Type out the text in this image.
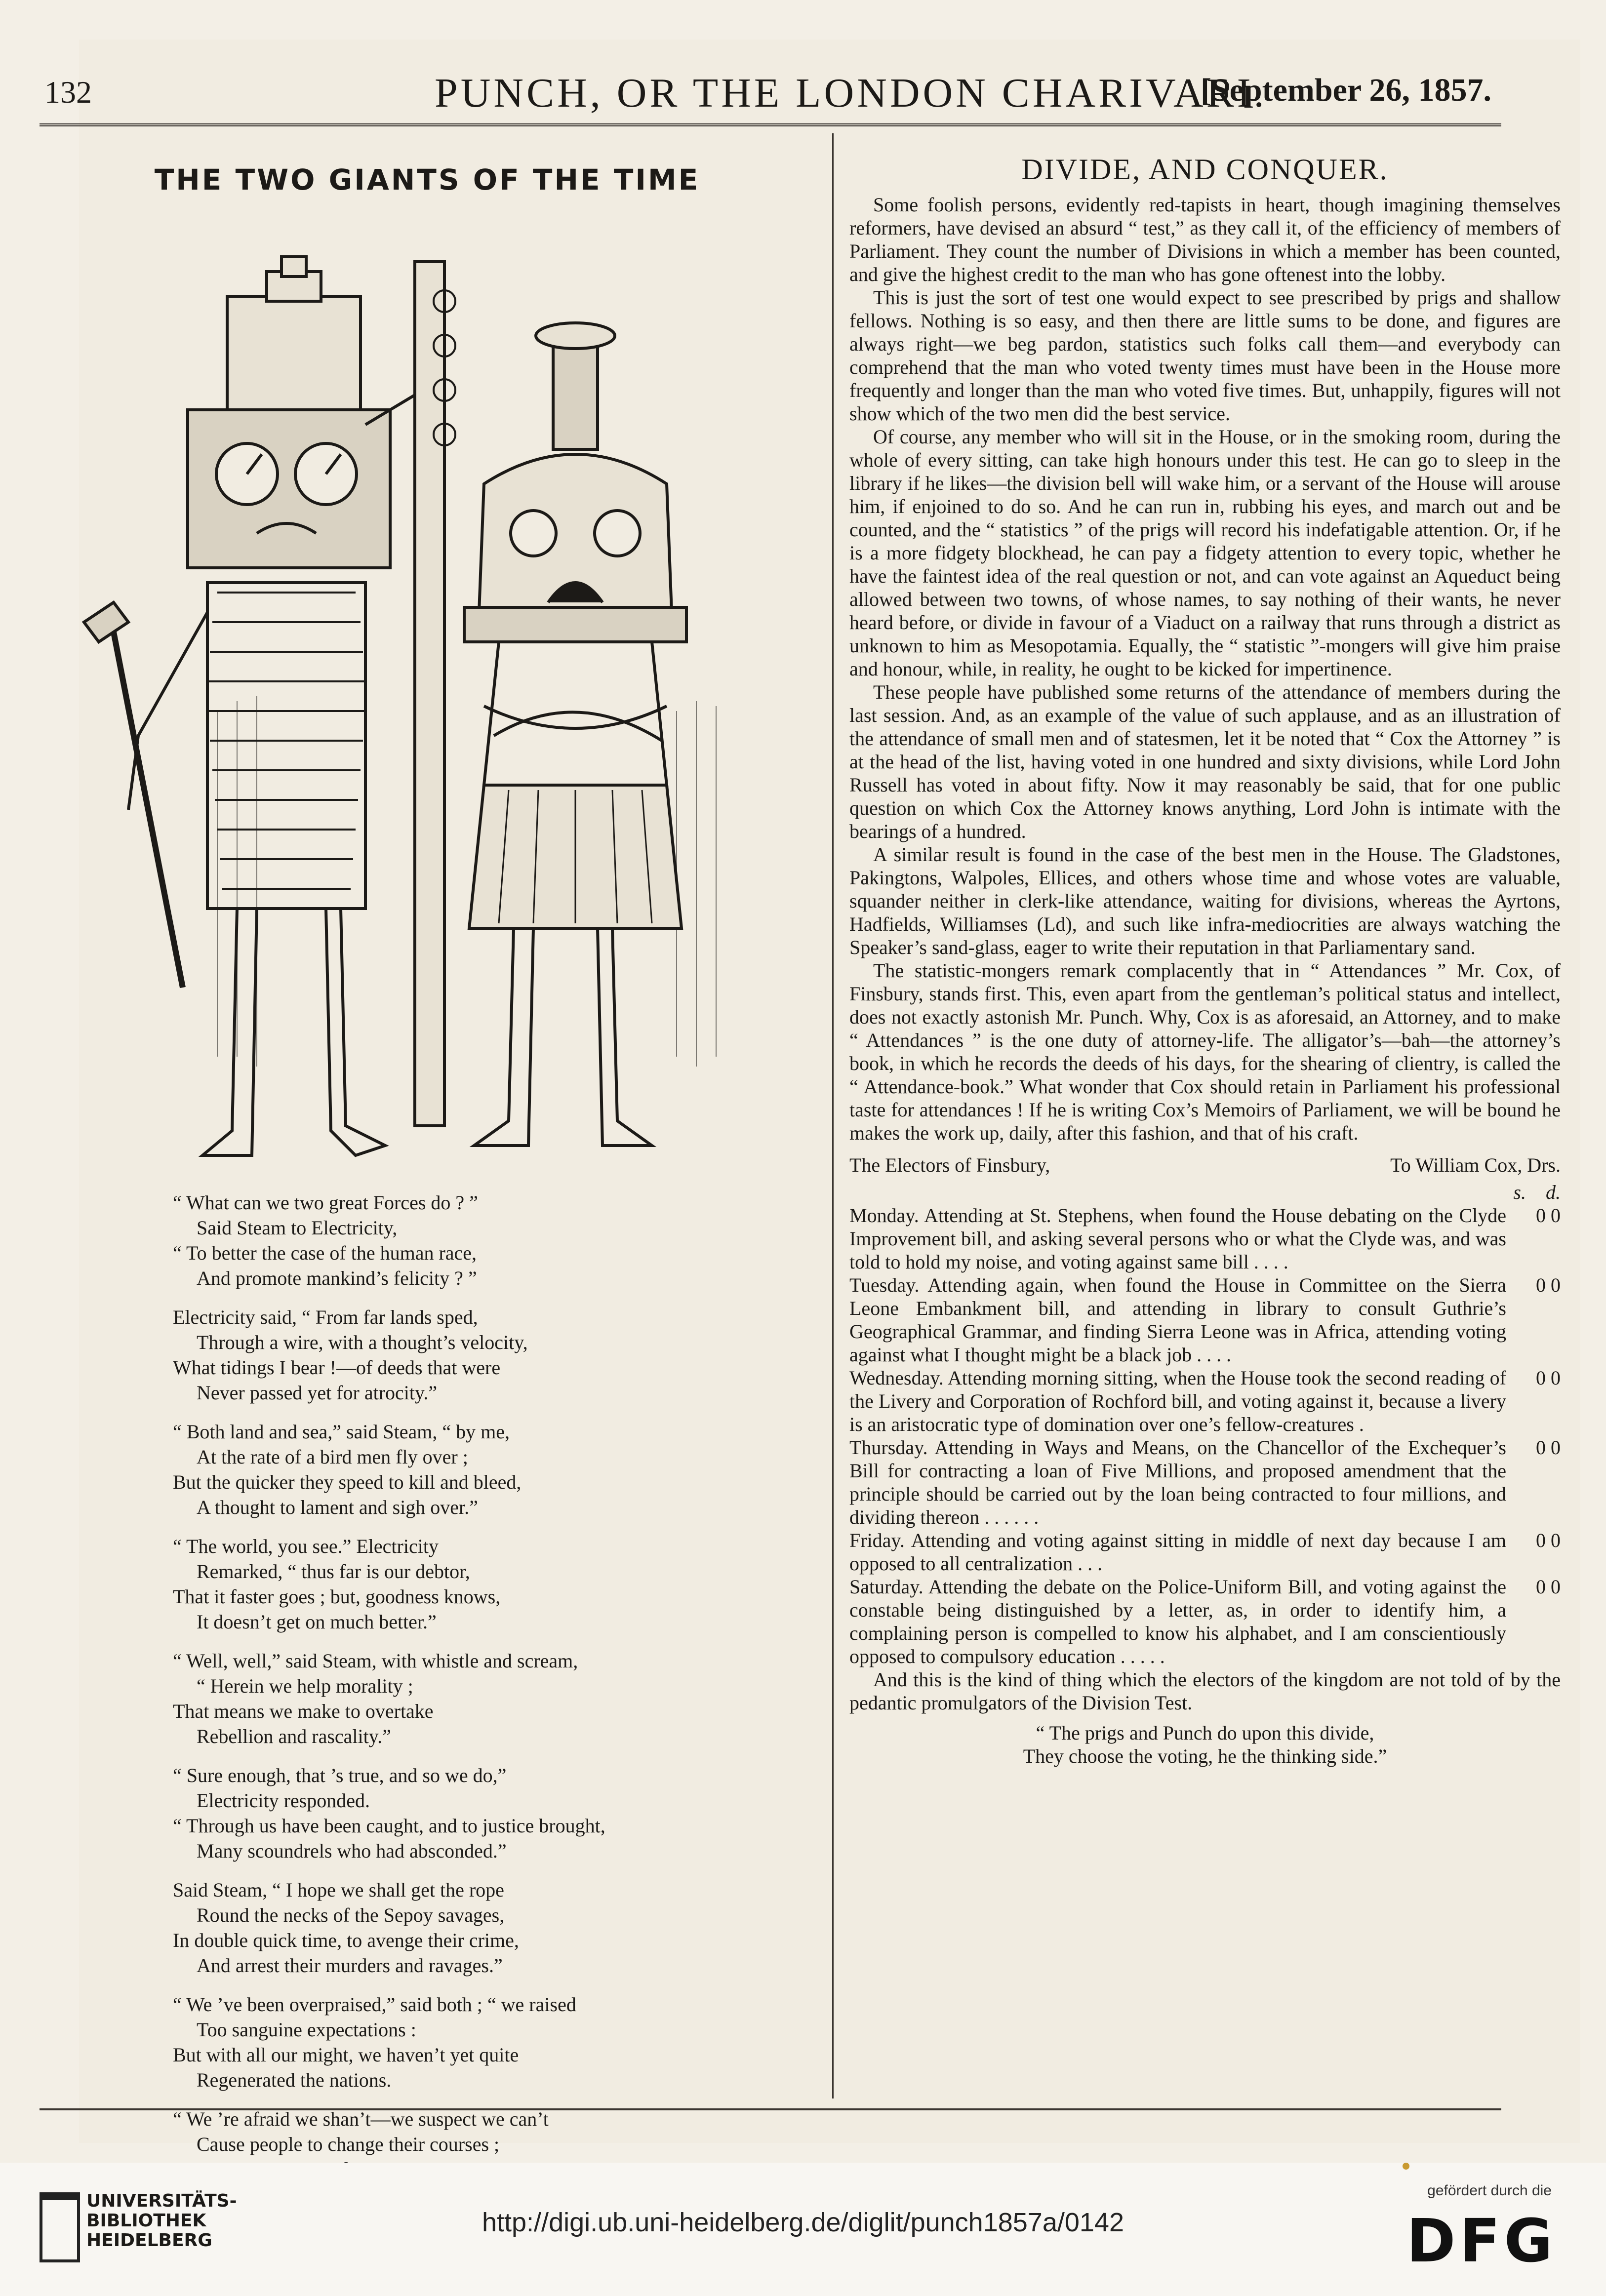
132	PUNCH, OR THE LONDON CHARIVARI.
[September 26, 1857.
THE TWO GIANTS OF THE TIME
“ What can we two great Forces do ? ”
Said Steam to Electricity,
“ To better the case of the human race,
And promote mankind’s felicity ? ”
Electricity said, “ From far lands sped,
Through a wire, with a thought’s velocity,
What tidings I bear !—of deeds that were
Never passed yet for atrocity.”
“ Both land and sea,” said Steam, “ by me,
At the rate of a bird men fly over ;
But the quicker they speed to kill and bleed,
A thought to lament and sigh over.”
“ The world, you see.” Electricity
Remarked, “ thus far is our debtor,
That it faster goes ; but, goodness knows,
It doesn’t get on much better.”
“ Well, well,” said Steam, with whistle and scream,
“ Herein we help morality ;
That means we make to overtake
Rebellion and rascality.”
“ Sure enough, that ’s true, and so we do,”
Electricity responded.
“ Through us have been caught, and to justice brought,
Many scoundrels who had absconded.”
Said Steam, “ I hope we shall get the rope
Round the necks of the Sepoy savages,
In double quick time, to avenge their crime,
And arrest their murders and ravages.”
“ We ’ve been overpraised,” said both ; “ we raised
Too sanguine expectations :
But with all our might, we haven’t yet quite
Regenerated the nations.
“ We ’re afraid we shan’t—we suspect we can’t
Cause people to change their courses ;
DIVIDE, AND CONQUER.

Some foolish persons, evidently red-tapists in heart, though imagining themselves reformers, have devised an absurd “ test,” as they call it, of the efficiency of members of Parliament. They count the number of Divisions in which a member has been counted, and give the highest credit to the man who has gone oftenest into the lobby.

This is just the sort of test one would expect to see prescribed by prigs and shallow fellows. Nothing is so easy, and then there are little sums to be done, and figures are always right—we beg pardon, statistics such folks call them—and everybody can comprehend that the man who voted twenty times must have been in the House more frequently and longer than the man who voted five times. But, unhappily, figures will not show which of the two men did the best service.

Of course, any member who will sit in the House, or in the smoking room, during the whole of every sitting, can take high honours under this test. He can go to sleep in the library if he likes—the division bell will wake him, or a servant of the House will arouse him, if enjoined to do so. And he can run in, rubbing his eyes, and march out and be counted, and the “ statistics ” of the prigs will record his indefatigable attention. Or, if he is a more fidgety blockhead, he can pay a fidgety attention to every topic, whether he have the faintest idea of the real question or not, and can vote against an Aqueduct being allowed between two towns, of whose names, to say nothing of their wants, he never heard before, or divide in favour of a Viaduct on a railway that runs through a district as unknown to him as Mesopotamia. Equally, the “ statistic ”-mongers will give him praise and honour, while, in reality, he ought to be kicked for impertinence.

These people have published some returns of the attendance of members during the last session. And, as an example of the value of such applause, and as an illustration of the attendance of small men and of statesmen, let it be noted that “ Cox the Attorney ” is at the head of the list, having voted in one hundred and sixty divisions, while Lord John Russell has voted in about fifty. Now it may reasonably be said, that for one public question on which Cox the Attorney knows anything, Lord John is intimate with the bearings of a hundred.

A similar result is found in the case of the best men in the House. The Gladstones, Pakingtons, Walpoles, Ellices, and others whose time and whose votes are valuable, squander neither in clerk-like attendance, waiting for divisions, whereas the Ayrtons, Hadfields, Williamses (Ld), and such like infra-mediocrities are always watching the Speaker’s sand-glass, eager to write their reputation in that Parliamentary sand.

The statistic-mongers remark complacently that in “ Attendances ” Mr. Cox, of Finsbury, stands first. This, even apart from the gentleman’s political status and intellect, does not exactly astonish Mr. Punch. Why, Cox is as aforesaid, an Attorney, and to make “ Attendances ” is the one duty of attorney-life. The alligator’s—bah—the attorney’s book, in which he records the deeds of his days, for the shearing of clientry, is called the “ Attendance-book.” What wonder that Cox should retain in Parliament his professional taste for attendances ! If he is writing Cox’s Memoirs of Parliament, we will be bound he makes the work up, daily, after this fashion, and that of his craft.

The Electors of Finsbury,	To William Cox, Drs.
s. d.
Monday. Attending at St. Stephens, when found the House debating on the Clyde Improvement bill, and asking several persons who or what the Clyde was, and was told to hold my noise, and voting against same bill . . . .
0 0
Tuesday. Attending again, when found the House in Committee on the Sierra Leone Embankment bill, and attending in library to consult Guthrie’s Geographical Grammar, and finding Sierra Leone was in Africa, attending voting against what I thought might be a black job . . . .
0 0
Wednesday. Attending morning sitting, when the House took the second reading of the Livery and Corporation of Rochford bill, and voting against it, because a livery is an aristocratic type of domination over one’s fellow-creatures .
0 0
Thursday. Attending in Ways and Means, on the Chancellor of the Exchequer’s Bill for contracting a loan of Five Millions, and proposed amendment that the principle should be carried out by the loan being contracted to four millions, and dividing thereon . . . . . .
0 0
Friday. Attending and voting against sitting in middle of next day because I am opposed to all centralization . . .
0 0
Saturday. Attending the debate on the Police-Uniform Bill, and voting against the constable being distinguished by a letter, as, in order to identify him, a complaining person is compelled to know his alphabet, and I am conscientiously opposed to compulsory education . . . . .
0 0

And this is the kind of thing which the electors of the kingdom are not told of by the pedantic promulgators of the Division Test.

“ The prigs and Punch do upon this divide,
They choose the voting, he the thinking side.”
UNIVERSITÄTS-
BIBLIOTHEK
HEIDELBERG
http://digi.ub.uni-heidelberg.de/diglit/punch1857a/0142
gefördert durch die
DFG
